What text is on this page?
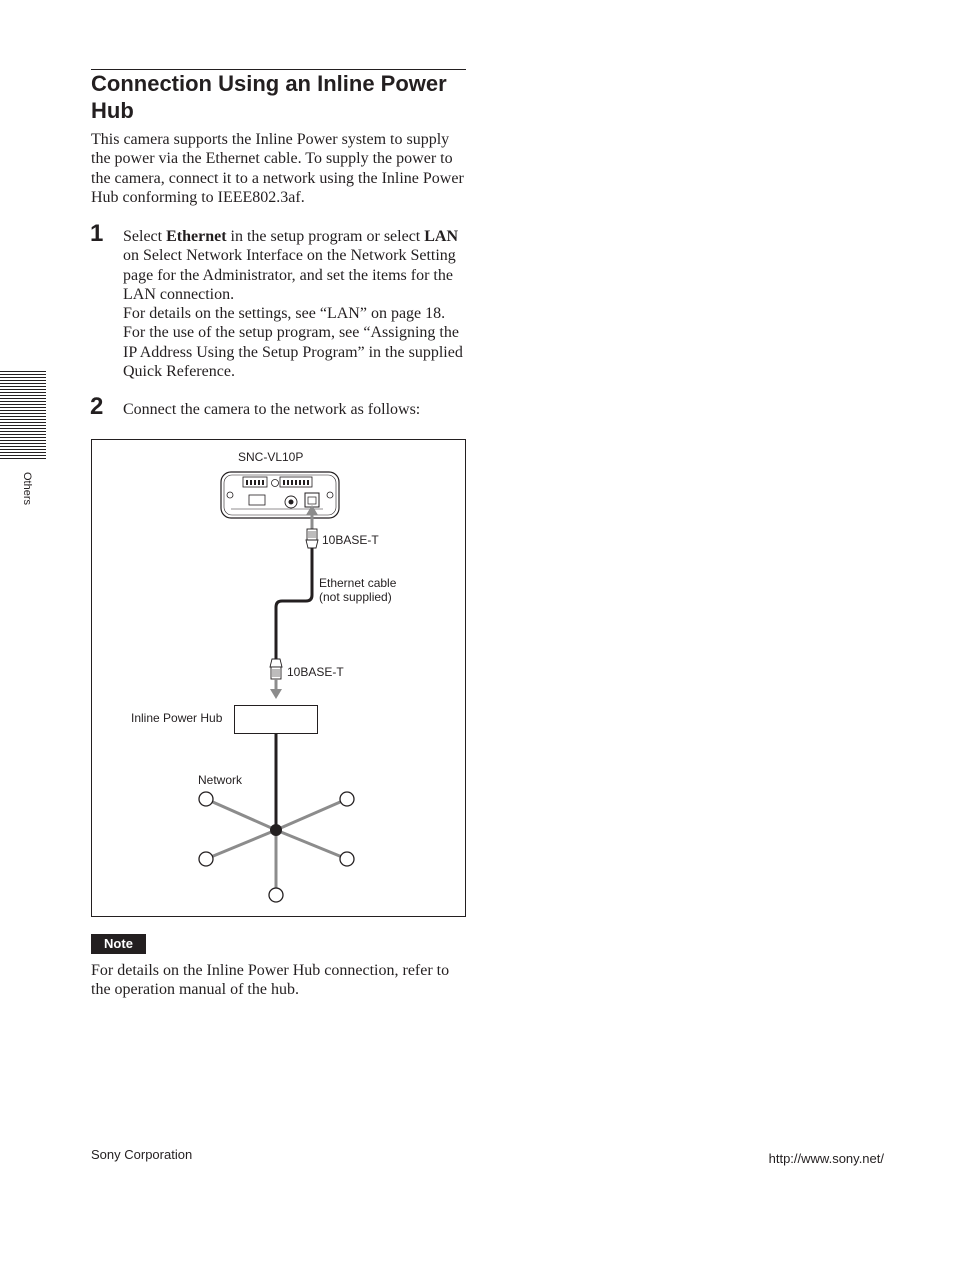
Connection Using an Inline Power Hub

This camera supports the Inline Power system to supply the power via the Ethernet cable. To supply the power to the camera, connect it to a network using the Inline Power Hub conforming to IEEE802.3af.

1 Select Ethernet in the setup program or select LAN on Select Network Interface on the Network Setting page for the Administrator, and set the items for the LAN connection.

For details on the settings, see “LAN” on page 18.

For the use of the setup program, see “Assigning the IP Address Using the Setup Program” in the supplied Quick Reference.

2 Connect the camera to the network as follows:

Others
SNC-VL10P
10BASE-T
Ethernet cable
(not supplied)
10BASE-T
Inline Power Hub
Network
Note

For details on the Inline Power Hub connection, refer to the operation manual of the hub.

Sony Corporation	http://www.sony.net/
